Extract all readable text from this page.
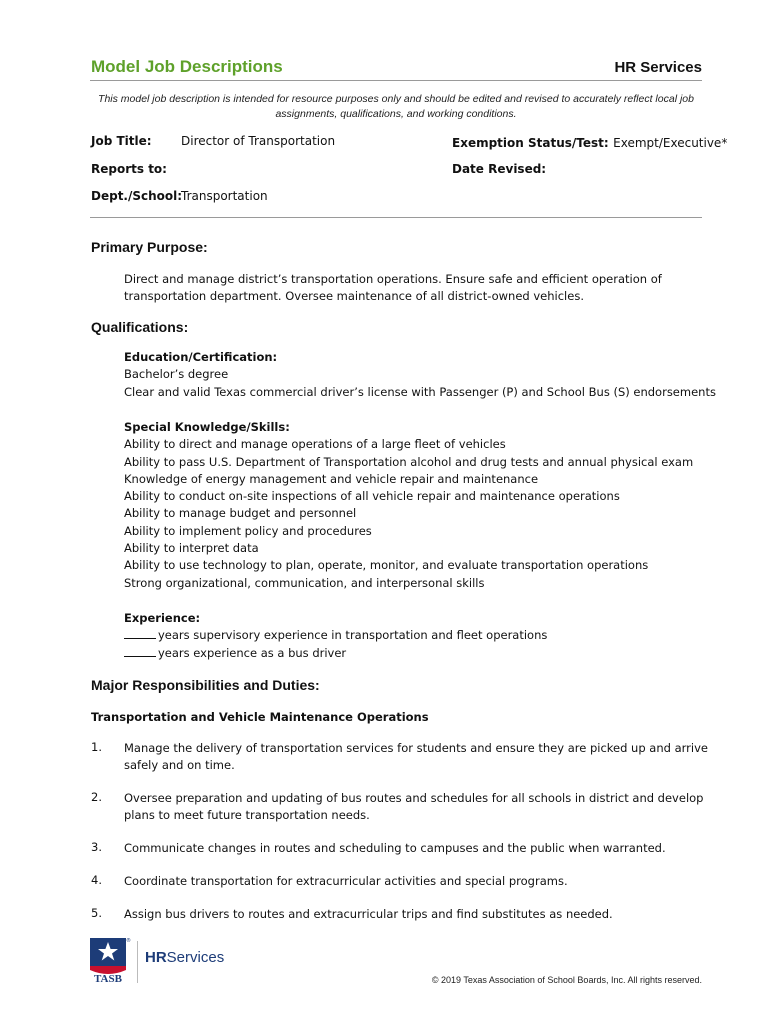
Model Job Descriptions	HR Services
This model job description is intended for resource purposes only and should be edited and revised to accurately reflect local job assignments, qualifications, and working conditions.
Job Title: Director of Transportation	Exemption Status/Test: Exempt/Executive*
Reports to:	Date Revised:
Dept./School:
Transportation
Primary Purpose:
Direct and manage district’s transportation operations. Ensure safe and efficient operation of
transportation department. Oversee maintenance of all district-owned vehicles.
Qualifications:
Education/Certification:
Bachelor’s degree
Clear and valid Texas commercial driver’s license with Passenger (P) and School Bus (S) endorsements
Special Knowledge/Skills:
Ability to direct and manage operations of a large fleet of vehicles
Ability to pass U.S. Department of Transportation alcohol and drug tests and annual physical exam
Knowledge of energy management and vehicle repair and maintenance
Ability to conduct on-site inspections of all vehicle repair and maintenance operations
Ability to manage budget and personnel
Ability to implement policy and procedures
Ability to interpret data
Ability to use technology to plan, operate, monitor, and evaluate transportation operations
Strong organizational, communication, and interpersonal skills
Experience:
years supervisory experience in transportation and fleet operations
years experience as a bus driver
Major Responsibilities and Duties:
Transportation and Vehicle Maintenance Operations
1. Manage the delivery of transportation services for students and ensure they are picked up and arrive
safely and on time.
2. Oversee preparation and updating of bus routes and schedules for all schools in district and develop
plans to meet future transportation needs.
3. Communicate changes in routes and scheduling to campuses and the public when warranted.
4. Coordinate transportation for extracurricular activities and special programs.
5. Assign bus drivers to routes and extracurricular trips and find substitutes as needed.
®
TASB
HRServices
© 2019 Texas Association of School Boards, Inc. All rights reserved.
